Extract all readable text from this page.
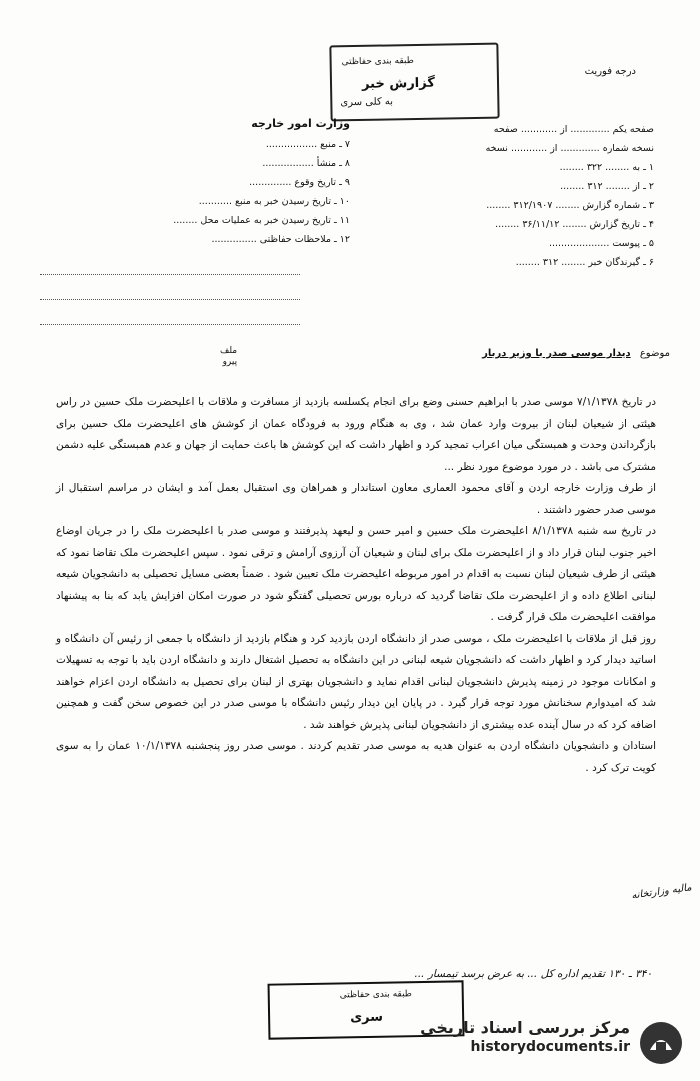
طبقه بندی حفاظتی
گزارش خبر
به کلی سری
درجه فوریت
وزارت امور خارجه
۷ ـ منبع .................
۸ ـ منشأ .................
۹ ـ تاریخ وقوع ..............
۱۰ ـ تاریخ رسیدن خبر به منبع ...........
۱۱ ـ تاریخ رسیدن خبر به عملیات محل ........
۱۲ ـ ملاحظات حفاظتی ...............
صفحه یکم ............. از ............ صفحه
نسخه شماره ............. از ............ نسخه
۱ ـ به ........ ۳۲۲ ........
۲ ـ از ........ ۳۱۲ ........
۳ ـ شماره گزارش ........ ۳۱۲/۱۹۰۷ ........
۴ ـ تاریخ گزارش ........ ۳۶/۱۱/۱۲ ........
۵ ـ پیوست ....................
۶ ـ گیرندگان خبر ........ ۳۱۲ ........
ملف
پیرو
موضوع دیدار موسی صدر با وزیر دربار

در تاریخ ۷/۱/۱۳۷۸ موسی صدر با ابراهیم حسنی وضع برای انجام یکسلسه بازدید از مسافرت و ملاقات با اعلیحضرت ملک حسین در راس هیئتی از شیعیان لبنان از بیروت وارد عمان شد ، وی به هنگام ورود به فرودگاه عمان از کوشش های اعلیحضرت ملک حسین برای بازگرداندن وحدت و همبستگی میان اعراب تمجید کرد و اظهار داشت که این کوشش ها باعث حمایت از جهان و عدم همبستگی علیه دشمن مشترک می باشد . در مورد موضوع مورد نظر ...

از طرف وزارت خارجه اردن و آقای محمود العماری معاون استاندار و همراهان وی استقبال بعمل آمد و ایشان در مراسم استقبال از موسی صدر حضور داشتند .

در تاریخ سه شنبه ۸/۱/۱۳۷۸ اعلیحضرت ملک حسین و امیر حسن و لیعهد پذیرفتند و موسی صدر با اعلیحضرت ملک را در جریان اوضاع اخیر جنوب لبنان قرار داد و از اعلیحضرت ملک برای لبنان و شیعیان آن آرزوی آرامش و ترقی نمود . سپس اعلیحضرت ملک تقاضا نمود که هیئتی از طرف شیعیان لبنان نسبت به اقدام در امور مربوطه اعلیحضرت ملک تعیین شود . ضمناً بعضی مسایل تحصیلی به دانشجویان شیعه لبنانی اطلاع داده و از اعلیحضرت ملک تقاضا گردید که درباره بورس تحصیلی گفتگو شود در صورت امکان افزایش یابد که بنا به پیشنهاد موافقت اعلیحضرت ملک قرار گرفت .

روز قبل از ملاقات با اعلیحضرت ملک ، موسی صدر از دانشگاه اردن بازدید کرد و هنگام بازدید از دانشگاه با جمعی از رئیس آن دانشگاه و اساتید دیدار کرد و اظهار داشت که دانشجویان شیعه لبنانی در این دانشگاه به تحصیل اشتغال دارند و دانشگاه اردن باید با توجه به تسهیلات و امکانات موجود در زمینه پذیرش دانشجویان لبنانی اقدام نماید و دانشجویان بهتری از لبنان برای تحصیل به دانشگاه اردن اعزام خواهند شد که امیدوارم سخنانش مورد توجه قرار گیرد . در پایان این دیدار رئیس دانشگاه با موسی صدر در این خصوص سخن گفت و همچنین اضافه کرد که در سال آینده عده بیشتری از دانشجویان لبنانی پذیرش خواهند شد .

استادان و دانشجویان دانشگاه اردن به عنوان هدیه به موسی صدر تقدیم کردند . موسی صدر روز پنجشنبه ۱۰/۱/۱۳۷۸ عمان را به سوی کویت ترک کرد .

مالیه وزارتخانه
۳۴۰ ـ ۱۳۰ تقدیم اداره کل ... به عرض برسد تیمسار ...
طبقه بندی حفاظتی
سری
مرکز بررسی اسناد تاریخی
historydocuments.ir
